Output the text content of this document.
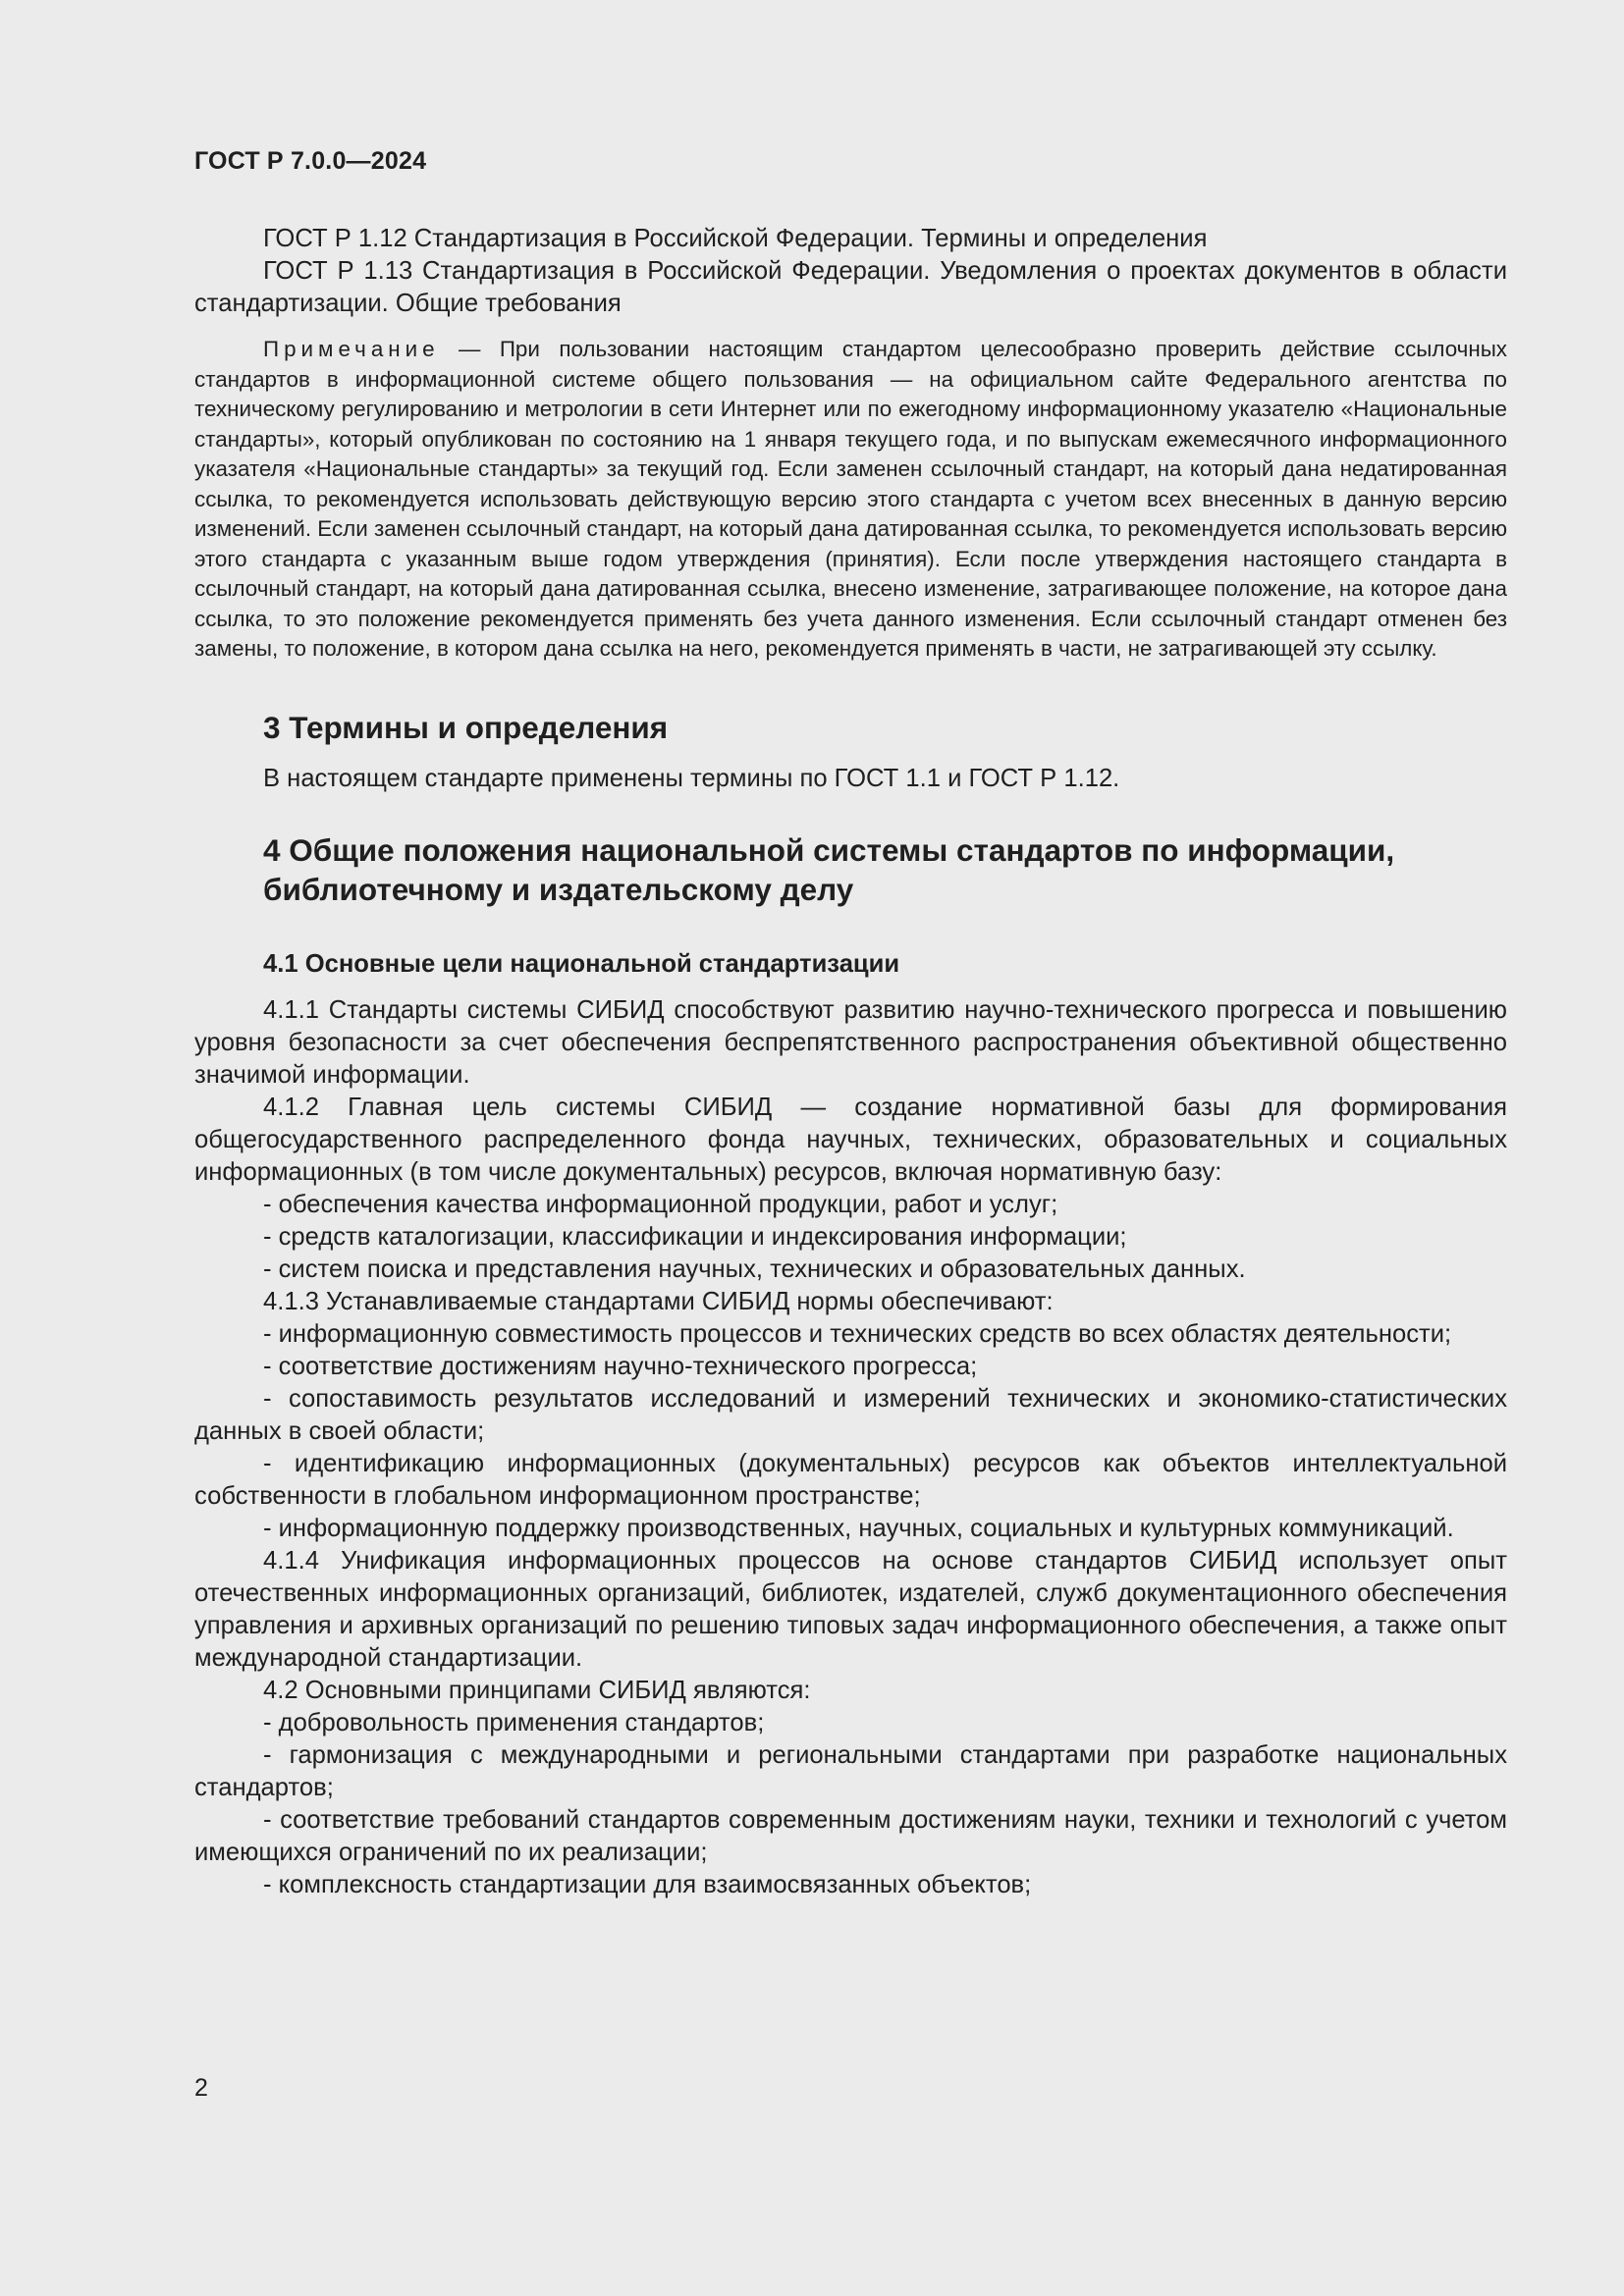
ГОСТ Р 7.0.0—2024

ГОСТ Р 1.12 Стандартизация в Российской Федерации. Термины и определения

ГОСТ Р 1.13 Стандартизация в Российской Федерации. Уведомления о проектах документов в области стандартизации. Общие требования

Примечание — При пользовании настоящим стандартом целесообразно проверить действие ссылочных стандартов в информационной системе общего пользования — на официальном сайте Федерального агентства по техническому регулированию и метрологии в сети Интернет или по ежегодному информационному указателю «Национальные стандарты», который опубликован по состоянию на 1 января текущего года, и по выпускам ежемесячного информационного указателя «Национальные стандарты» за текущий год. Если заменен ссылочный стандарт, на который дана недатированная ссылка, то рекомендуется использовать действующую версию этого стандарта с учетом всех внесенных в данную версию изменений. Если заменен ссылочный стандарт, на который дана датированная ссылка, то рекомендуется использовать версию этого стандарта с указанным выше годом утверждения (принятия). Если после утверждения настоящего стандарта в ссылочный стандарт, на который дана датированная ссылка, внесено изменение, затрагивающее положение, на которое дана ссылка, то это положение рекомендуется применять без учета данного изменения. Если ссылочный стандарт отменен без замены, то положение, в котором дана ссылка на него, рекомендуется применять в части, не затрагивающей эту ссылку.

3 Термины и определения

В настоящем стандарте применены термины по ГОСТ 1.1 и ГОСТ Р 1.12.

4 Общие положения национальной системы стандартов по информации, библиотечному и издательскому делу
4.1 Основные цели национальной стандартизации

4.1.1 Стандарты системы СИБИД способствуют развитию научно-технического прогресса и повышению уровня безопасности за счет обеспечения беспрепятственного распространения объективной общественно значимой информации.

4.1.2 Главная цель системы СИБИД — создание нормативной базы для формирования общегосударственного распределенного фонда научных, технических, образовательных и социальных информационных (в том числе документальных) ресурсов, включая нормативную базу:

- обеспечения качества информационной продукции, работ и услуг;

- средств каталогизации, классификации и индексирования информации;

- систем поиска и представления научных, технических и образовательных данных.

4.1.3 Устанавливаемые стандартами СИБИД нормы обеспечивают:

- информационную совместимость процессов и технических средств во всех областях деятельности;

- соответствие достижениям научно-технического прогресса;

- сопоставимость результатов исследований и измерений технических и экономико-статистических данных в своей области;

- идентификацию информационных (документальных) ресурсов как объектов интеллектуальной собственности в глобальном информационном пространстве;

- информационную поддержку производственных, научных, социальных и культурных коммуникаций.

4.1.4 Унификация информационных процессов на основе стандартов СИБИД использует опыт отечественных информационных организаций, библиотек, издателей, служб документационного обеспечения управления и архивных организаций по решению типовых задач информационного обеспечения, а также опыт международной стандартизации.

4.2 Основными принципами СИБИД являются:

- добровольность применения стандартов;

- гармонизация с международными и региональными стандартами при разработке национальных стандартов;

- соответствие требований стандартов современным достижениям науки, техники и технологий с учетом имеющихся ограничений по их реализации;

- комплексность стандартизации для взаимосвязанных объектов;

2
